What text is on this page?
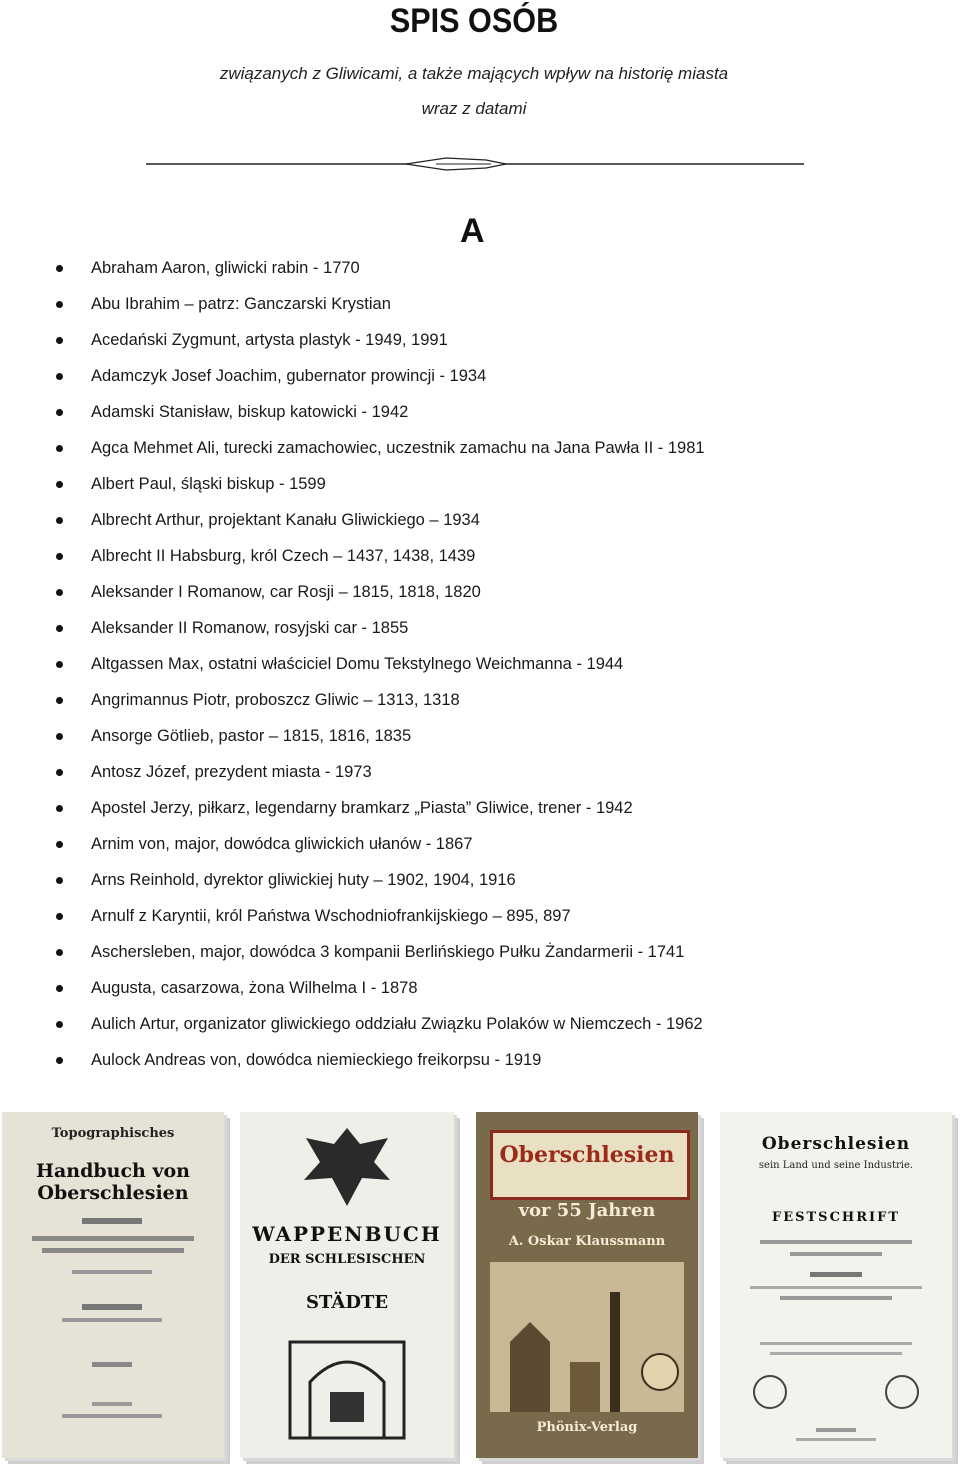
SPIS OSÓB
związanych z Gliwicami, a także mających wpływ na historię miasta
wraz z datami
A
Abraham Aaron, gliwicki rabin - 1770
Abu Ibrahim – patrz: Ganczarski Krystian
Acedański Zygmunt, artysta plastyk - 1949, 1991
Adamczyk Josef Joachim, gubernator prowincji - 1934
Adamski Stanisław, biskup katowicki - 1942
Agca Mehmet Ali, turecki zamachowiec, uczestnik zamachu na Jana Pawła II - 1981
Albert Paul, śląski biskup - 1599
Albrecht Arthur, projektant Kanału Gliwickiego – 1934
Albrecht II Habsburg, król Czech – 1437, 1438, 1439
Aleksander I Romanow, car Rosji – 1815, 1818, 1820
Aleksander II Romanow, rosyjski car - 1855
Altgassen Max, ostatni właściciel Domu Tekstylnego Weichmanna - 1944
Angrimannus Piotr, proboszcz Gliwic – 1313, 1318
Ansorge Götlieb, pastor – 1815, 1816, 1835
Antosz Józef, prezydent miasta - 1973
Apostel Jerzy, piłkarz, legendarny bramkarz „Piasta” Gliwice, trener - 1942
Arnim von, major, dowódca gliwickich ułanów - 1867
Arns Reinhold, dyrektor gliwickiej huty – 1902, 1904, 1916
Arnulf z Karyntii, król Państwa Wschodniofrankijskiego – 895, 897
Aschersleben, major, dowódca 3 kompanii Berlińskiego Pułku Żandarmerii - 1741
Augusta, casarzowa, żona Wilhelma I - 1878
Aulich Artur, organizator gliwickiego oddziału Związku Polaków w Niemczech - 1962
Aulock Andreas von, dowódca niemieckiego freikorpsu - 1919
Topographisches
Handbuch von Oberschlesien
WAPPENBUCH
DER SCHLESISCHEN
STÄDTE
Oberschlesien
vor 55 Jahren
A. Oskar Klaussmann
Phönix-Verlag
Oberschlesien
sein Land und seine Industrie.
FESTSCHRIFT
